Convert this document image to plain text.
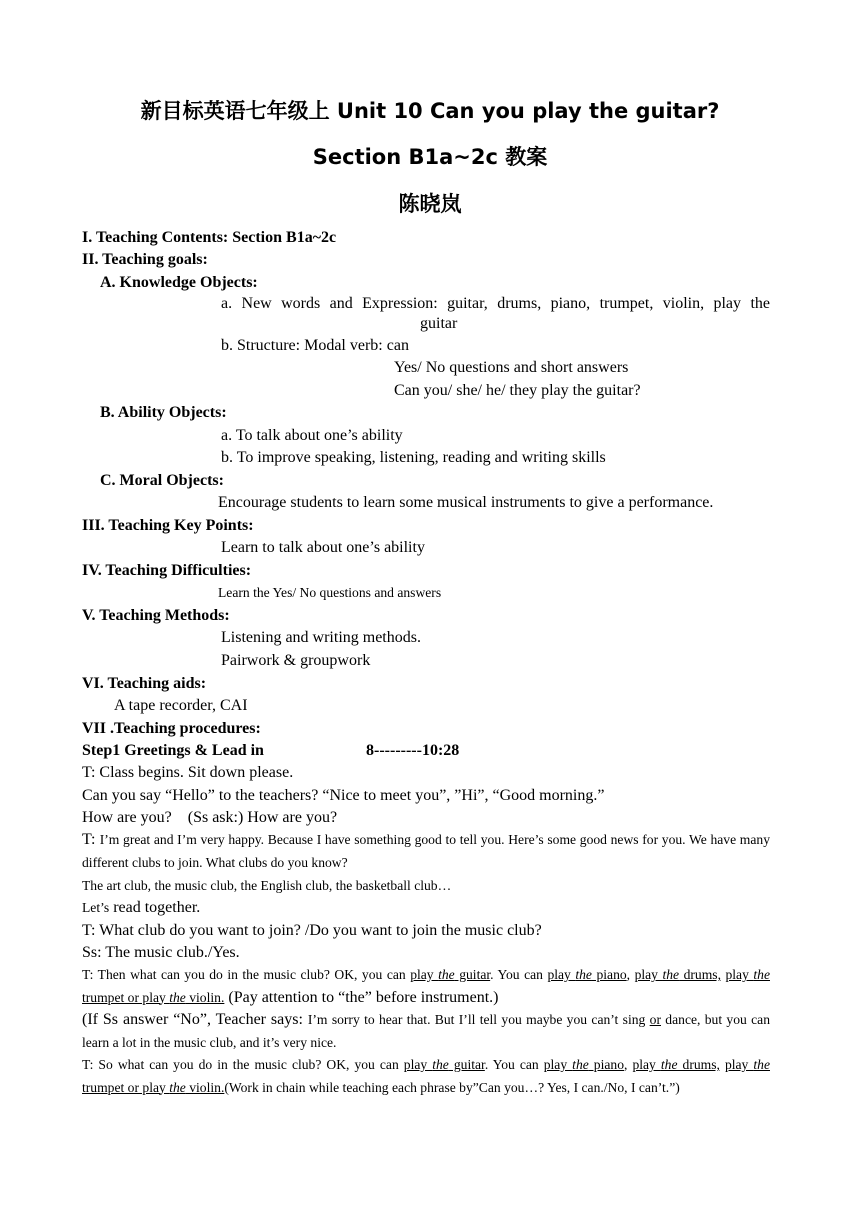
新目标英语七年级上 Unit 10 Can you play the guitar?
Section B1a~2c 教案
陈晓岚
I. Teaching Contents: Section B1a~2c
II. Teaching goals:
A. Knowledge Objects:
a. New words and Expression: guitar, drums, piano, trumpet, violin, play the
guitar
b. Structure: Modal verb: can
Yes/ No questions and short answers
Can you/ she/ he/ they play the guitar?
B. Ability Objects:
a. To talk about one’s ability
b. To improve speaking, listening, reading and writing skills
C. Moral Objects:
Encourage students to learn some musical instruments to give a performance.
III. Teaching Key Points:
Learn to talk about one’s ability
IV. Teaching Difficulties:
Learn the Yes/ No questions and answers
V. Teaching Methods:
Listening and writing methods.
Pairwork & groupwork
VI. Teaching aids:
A tape recorder, CAI
VII .Teaching procedures:
Step1 Greetings & Lead in	8---------10:28
T: Class begins. Sit down please.
Can you say “Hello” to the teachers? “Nice to meet you”, ”Hi”, “Good morning.”
How are you?    (Ss ask:) How are you?
T: I’m great and I’m very happy. Because I have something good to tell you. Here’s some good news for you. We have many different clubs to join. What clubs do you know?
The art club, the music club, the English club, the basketball club…
Let’s read together.
T: What club do you want to join? /Do you want to join the music club?
Ss: The music club./Yes.
T: Then what can you do in the music club? OK, you can play the guitar. You can play the piano, play the drums, play the trumpet or play the violin. (Pay attention to “the” before instrument.)
(If Ss answer “No”, Teacher says: I’m sorry to hear that. But I’ll tell you maybe you can’t sing or dance, but you can learn a lot in the music club, and it’s very nice.
T: So what can you do in the music club? OK, you can play the guitar. You can play the piano, play the drums, play the trumpet or play the violin.(Work in chain while teaching each phrase by”Can you…? Yes, I can./No, I can’t.”)
